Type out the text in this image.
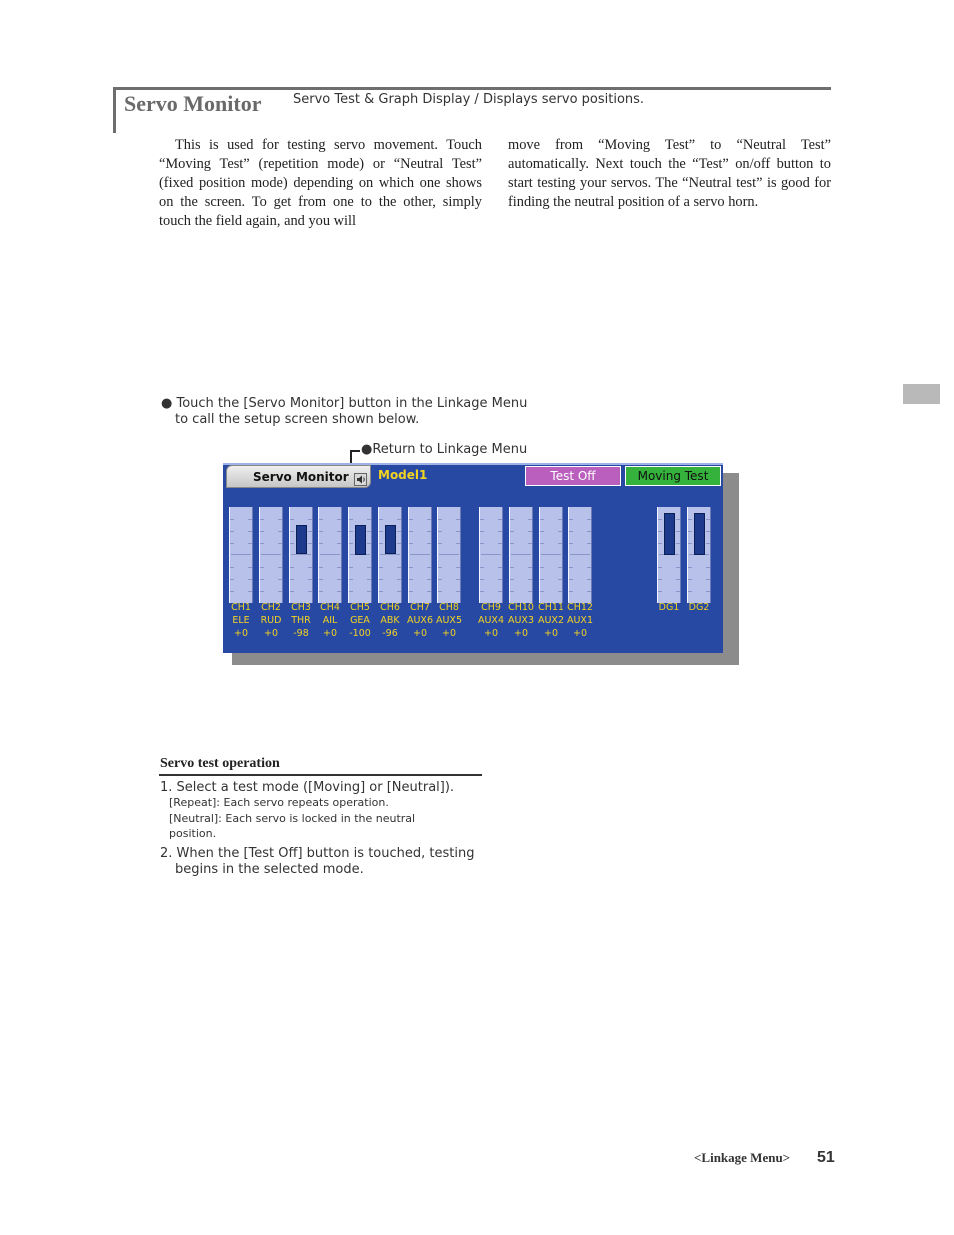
Servo Monitor Servo Test & Graph Display / Displays servo positions.
This is used for testing servo movement. Touch “Moving Test” (repetition mode) or “Neutral Test” (fixed position mode) depending on which one shows on the screen. To get from one to the other, simply touch the field again, and you will
move from “Moving Test” to “Neutral Test” automatically. Next touch the “Test” on/off button to start testing your servos. The “Neutral test” is good for finding the neutral position of a servo horn.
● Touch the [Servo Monitor] button in the Linkage Menu
to call the setup screen shown below.
●Return to Linkage Menu
Servo Monitor Model1	Test Off	Moving Test
CH1
ELE
+0
CH2
RUD
+0
CH3
THR
-98
CH4
AIL
+0
CH5
GEA
-100
CH6
ABK
-96
CH7
AUX6
+0
CH8
AUX5
+0
CH9
AUX4
+0
CH10
AUX3
+0
CH11
AUX2
+0
CH12
AUX1
+0
DG1 DG2
Servo test operation
1. Select a test mode ([Moving] or [Neutral]).
[Repeat]: Each servo repeats operation.
[Neutral]: Each servo is locked in the neutral
position.
2. When the [Test Off] button is touched, testing
begins in the selected mode.
<Linkage Menu> 51
